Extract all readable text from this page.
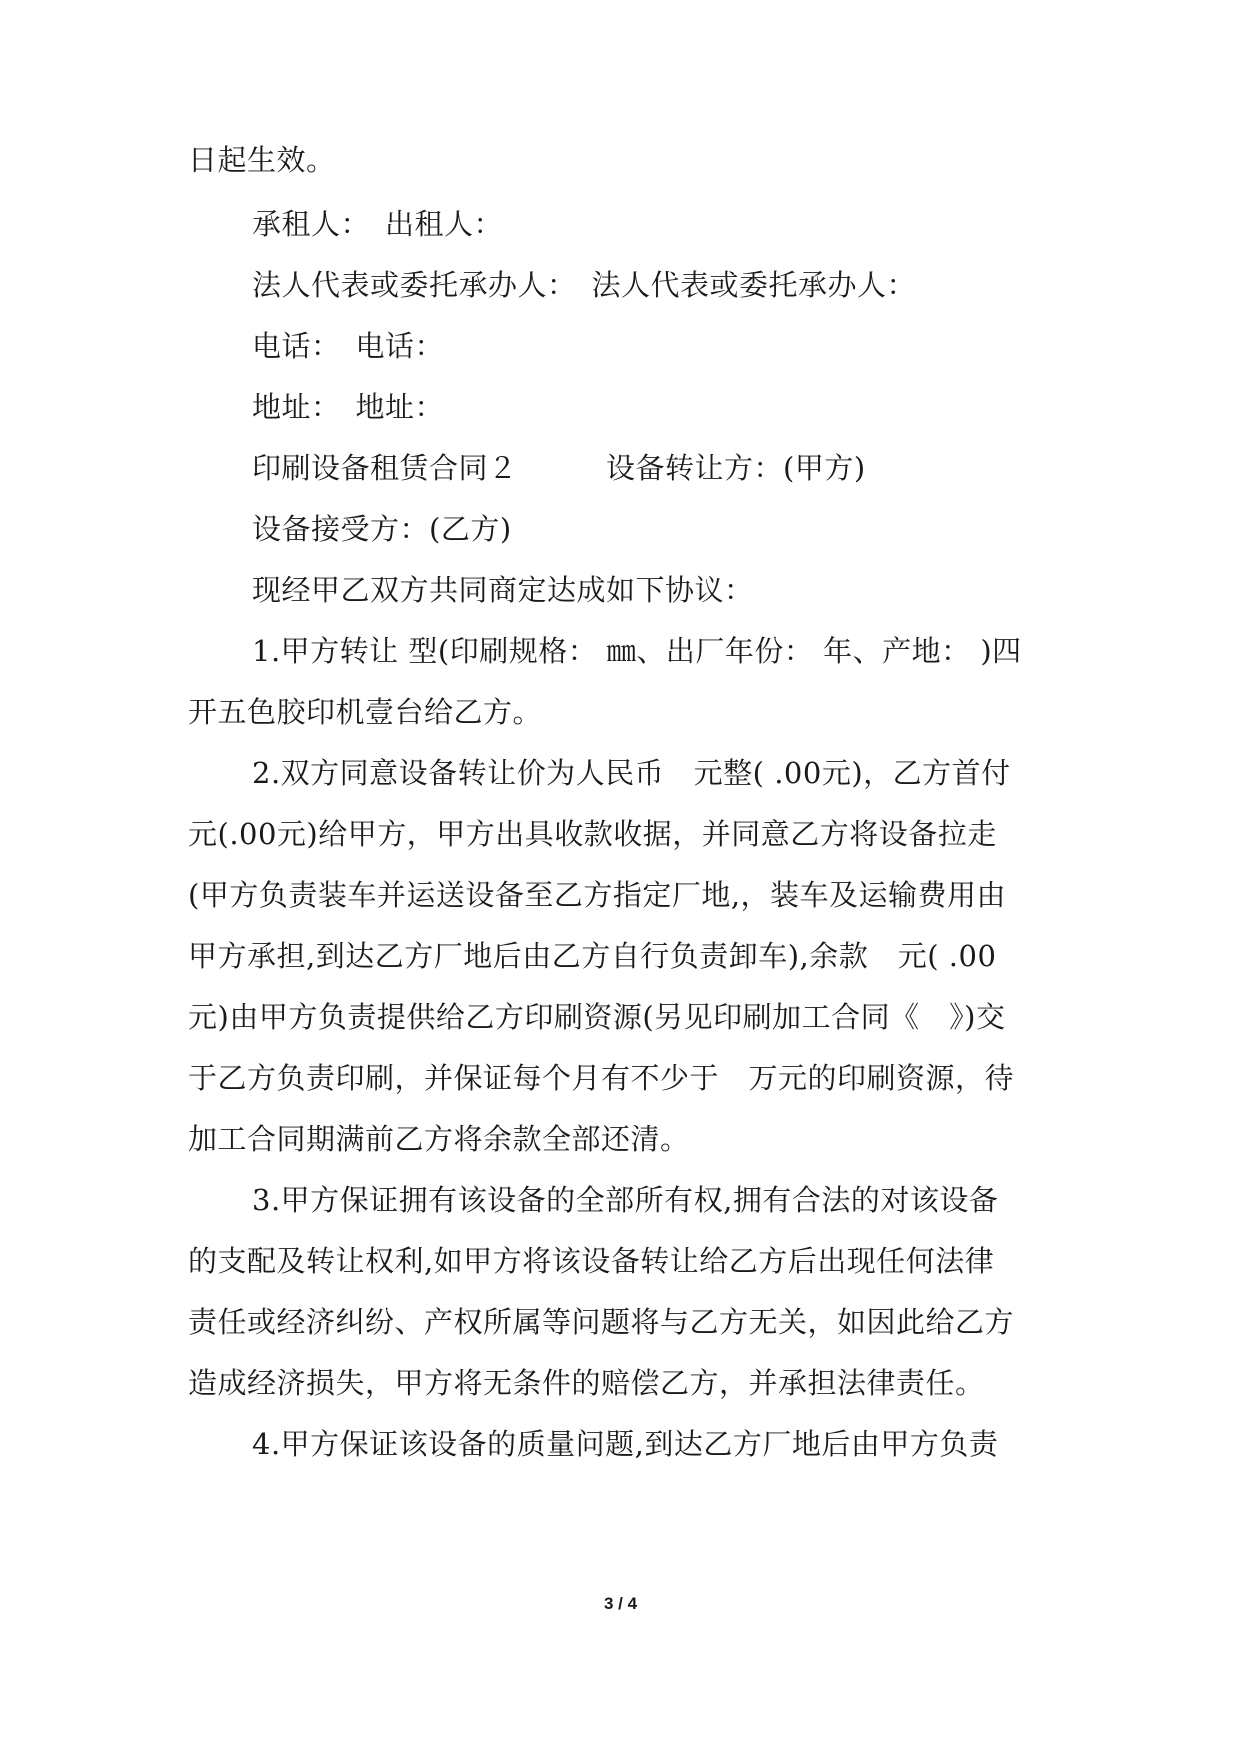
日起生效。
承租人：　出租人：
法人代表或委托承办人：　法人代表或委托承办人：
电话：　电话：
地址：　地址：
印刷设备租赁合同２　　　设备转让方：(甲方)
设备接受方：(乙方)
现经甲乙双方共同商定达成如下协议：
1.甲方转让 型(印刷规格： ㎜、出厂年份： 年、产地： )四
开五色胶印机壹台给乙方。
2.双方同意设备转让价为人民币　元整( .00元)，乙方首付
元(.00元)给甲方，甲方出具收款收据，并同意乙方将设备拉走
(甲方负责装车并运送设备至乙方指定厂地,，装车及运输费用由
甲方承担,到达乙方厂地后由乙方自行负责卸车),余款　元( .00
元)由甲方负责提供给乙方印刷资源(另见印刷加工合同《　》)交
于乙方负责印刷，并保证每个月有不少于　万元的印刷资源，待
加工合同期满前乙方将余款全部还清。
3.甲方保证拥有该设备的全部所有权,拥有合法的对该设备
的支配及转让权利,如甲方将该设备转让给乙方后出现任何法律
责任或经济纠纷、产权所属等问题将与乙方无关，如因此给乙方
造成经济损失，甲方将无条件的赔偿乙方，并承担法律责任。
4.甲方保证该设备的质量问题,到达乙方厂地后由甲方负责
3 / 4
